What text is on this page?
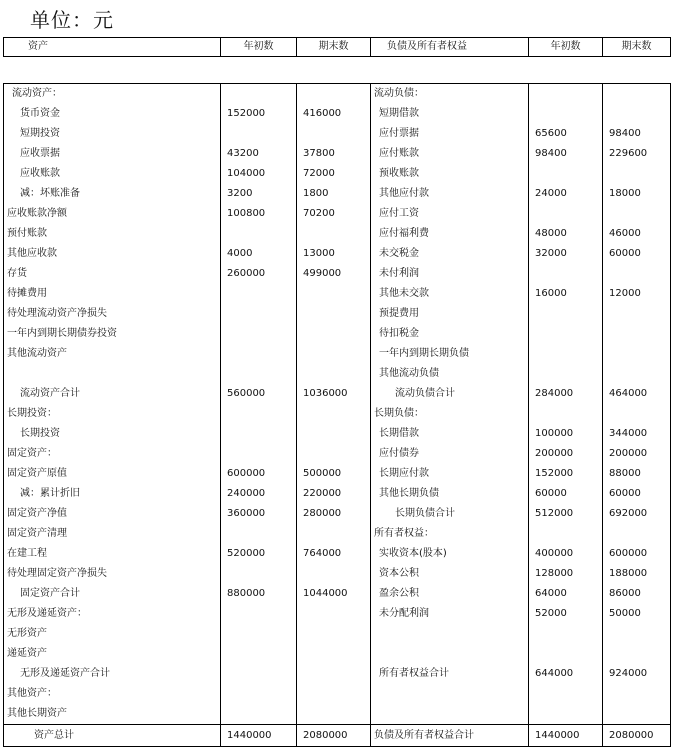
单位：元
资产	年初数	期末数	负债及所有者权益	年初数	期末数
流动资产：			流动负债：		
货币资金	152000	416000	短期借款		
短期投资			应付票据	65600	98400
应收票据	43200	37800	应付账款	98400	229600
应收账款	104000	72000	预收账款		
减：坏账准备	3200	1800	其他应付款	24000	18000
应收账款净额	100800	70200	应付工资		
预付账款			应付福利费	48000	46000
其他应收款	4000	13000	未交税金	32000	60000
存货	260000	499000	未付利润		
待摊费用			其他未交款	16000	12000
待处理流动资产净损失			预提费用		
一年内到期长期债券投资			待扣税金		
其他流动资产			一年内到期长期负债		
			其他流动负债		
流动资产合计	560000	1036000	流动负债合计	284000	464000
长期投资：			长期负债：		
长期投资			长期借款	100000	344000
固定资产：			应付债券	200000	200000
固定资产原值	600000	500000	长期应付款	152000	88000
减：累计折旧	240000	220000	其他长期负债	60000	60000
固定资产净值	360000	280000	长期负债合计	512000	692000
固定资产清理			所有者权益：		
在建工程	520000	764000	实收资本(股本)	400000	600000
待处理固定资产净损失			资本公积	128000	188000
固定资产合计	880000	1044000	盈余公积	64000	86000
无形及递延资产：			未分配利润	52000	50000
无形资产					
递延资产					
无形及递延资产合计			所有者权益合计	644000	924000
其他资产：					
其他长期资产					
资产总计	1440000	2080000	负债及所有者权益合计	1440000	2080000
